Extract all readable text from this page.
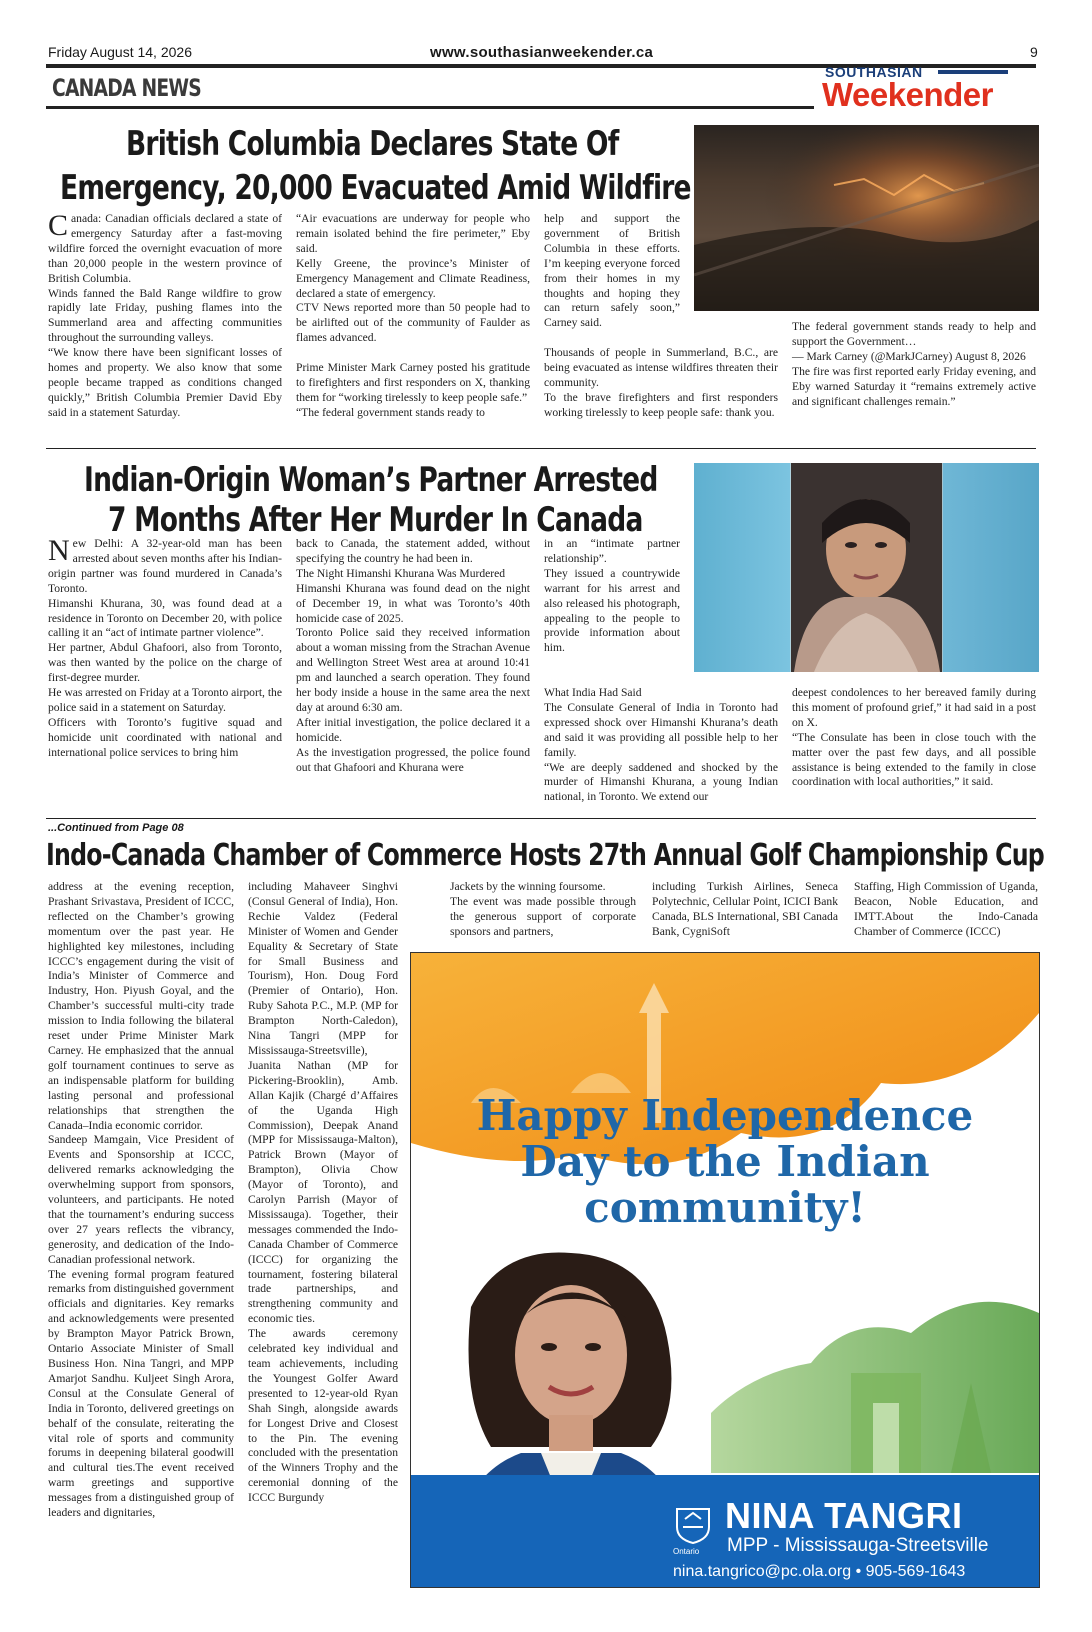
Friday August 14, 2026	www.southasianweekender.ca	9
CANADA NEWS
SOUTHASIAN
Weekender
British Columbia Declares State Of
Emergency, 20,000 Evacuated Amid Wildfire

Canada: Canadian officials declared a state of emergency Saturday after a fast-moving wildfire forced the overnight evacuation of more than 20,000 people in the western province of British Columbia.

Winds fanned the Bald Range wildfire to grow rapidly late Friday, pushing flames into the Summerland area and affecting communities throughout the surrounding valleys.

“We know there have been significant losses of homes and property. We also know that some people became trapped as conditions changed quickly,” British Columbia Premier David Eby said in a statement Saturday.

“Air evacuations are underway for people who remain isolated behind the fire perimeter,” Eby said.

Kelly Greene, the province’s Minister of Emergency Management and Climate Readiness, declared a state of emergency.

CTV News reported more than 50 people had to be airlifted out of the community of Faulder as flames advanced.

Prime Minister Mark Carney posted his gratitude to firefighters and first responders on X, thanking them for “working tirelessly to keep people safe.”

“The federal government stands ready to

help and support the government of British Columbia in these efforts. I’m keeping everyone forced from their homes in my thoughts and hoping they can return safely soon,” Carney said.

Thousands of people in Summerland, B.C., are being evacuated as intense wildfires threaten their community.

To the brave firefighters and first responders working tirelessly to keep people safe: thank you.

The federal government stands ready to help and support the Government…

— Mark Carney (@MarkJCarney) August 8, 2026

The fire was first reported early Friday evening, and Eby warned Saturday it “remains extremely active and significant challenges remain.”

Indian-Origin Woman’s Partner Arrested
7 Months After Her Murder In Canada

New Delhi: A 32-year-old man has been arrested about seven months after his Indian-origin partner was found murdered in Canada’s Toronto.

Himanshi Khurana, 30, was found dead at a residence in Toronto on December 20, with police calling it an “act of intimate partner violence”.

Her partner, Abdul Ghafoori, also from Toronto, was then wanted by the police on the charge of first-degree murder.

He was arrested on Friday at a Toronto airport, the police said in a statement on Saturday.

Officers with Toronto’s fugitive squad and homicide unit coordinated with national and international police services to bring him

back to Canada, the statement added, without specifying the country he had been in.

The Night Himanshi Khurana Was Murdered

Himanshi Khurana was found dead on the night of December 19, in what was Toronto’s 40th homicide case of 2025.

Toronto Police said they received information about a woman missing from the Strachan Avenue and Wellington Street West area at around 10:41 pm and launched a search operation. They found her body inside a house in the same area the next day at around 6:30 am.

After initial investigation, the police declared it a homicide.

As the investigation progressed, the police found out that Ghafoori and Khurana were

in an “intimate partner relationship”.

They issued a countrywide warrant for his arrest and also released his photograph, appealing to the people to provide information about him.

What India Had Said

The Consulate General of India in Toronto had expressed shock over Himanshi Khurana’s death and said it was providing all possible help to her family.

“We are deeply saddened and shocked by the murder of Himanshi Khurana, a young Indian national, in Toronto. We extend our

deepest condolences to her bereaved family during this moment of profound grief,” it had said in a post on X.

“The Consulate has been in close touch with the matter over the past few days, and all possible assistance is being extended to the family in close coordination with local authorities,” it said.

...Continued from Page 08
Indo-Canada Chamber of Commerce Hosts 27th Annual Golf Championship Cup

address at the evening reception, Prashant Srivastava, President of ICCC, reflected on the Chamber’s growing momentum over the past year. He highlighted key milestones, including ICCC’s engagement during the visit of India’s Minister of Commerce and Industry, Hon. Piyush Goyal, and the Chamber’s successful multi-city trade mission to India following the bilateral reset under Prime Minister Mark Carney. He emphasized that the annual golf tournament continues to serve as an indispensable platform for building lasting personal and professional relationships that strengthen the Canada–India economic corridor.

Sandeep Mamgain, Vice President of Events and Sponsorship at ICCC, delivered remarks acknowledging the overwhelming support from sponsors, volunteers, and participants. He noted that the tournament’s enduring success over 27 years reflects the vibrancy, generosity, and dedication of the Indo-Canadian professional network.

The evening formal program featured remarks from distinguished government officials and dignitaries. Key remarks and acknowledgements were presented by Brampton Mayor Patrick Brown, Ontario Associate Minister of Small Business Hon. Nina Tangri, and MPP Amarjot Sandhu. Kuljeet Singh Arora, Consul at the Consulate General of India in Toronto, delivered greetings on behalf of the consulate, reiterating the vital role of sports and community forums in deepening bilateral goodwill and cultural ties.The event received warm greetings and supportive messages from a distinguished group of leaders and dignitaries,

including Mahaveer Singhvi (Consul General of India), Hon. Rechie Valdez (Federal Minister of Women and Gender Equality & Secretary of State for Small Business and Tourism), Hon. Doug Ford (Premier of Ontario), Hon. Ruby Sahota P.C., M.P. (MP for Brampton North-Caledon), Nina Tangri (MPP for Mississauga-Streetsville), Juanita Nathan (MP for Pickering-Brooklin), Amb. Allan Kajik (Chargé d’Affaires of the Uganda High Commission), Deepak Anand (MPP for Mississauga-Malton), Patrick Brown (Mayor of Brampton), Olivia Chow (Mayor of Toronto), and Carolyn Parrish (Mayor of Mississauga). Together, their messages commended the Indo-Canada Chamber of Commerce (ICCC) for organizing the tournament, fostering bilateral trade partnerships, and strengthening community and economic ties.

The awards ceremony celebrated key individual and team achievements, including the Youngest Golfer Award presented to 12-year-old Ryan Shah Singh, alongside awards for Longest Drive and Closest to the Pin. The evening concluded with the presentation of the Winners Trophy and the ceremonial donning of the ICCC Burgundy

Jackets by the winning foursome.

The event was made possible through the generous support of corporate sponsors and partners,

including Turkish Airlines, Seneca Polytechnic, Cellular Point, ICICI Bank Canada, BLS International, SBI Canada Bank, CygniSoft

Staffing, High Commission of Uganda, Beacon, Noble Education, and IMTT.About the Indo-Canada Chamber of Commerce (ICCC)

Happy Independence
Day to the Indian
community!
Ontario
NINA TANGRI
MPP - Mississauga-Streetsville
nina.tangrico@pc.ola.org • 905-569-1643
